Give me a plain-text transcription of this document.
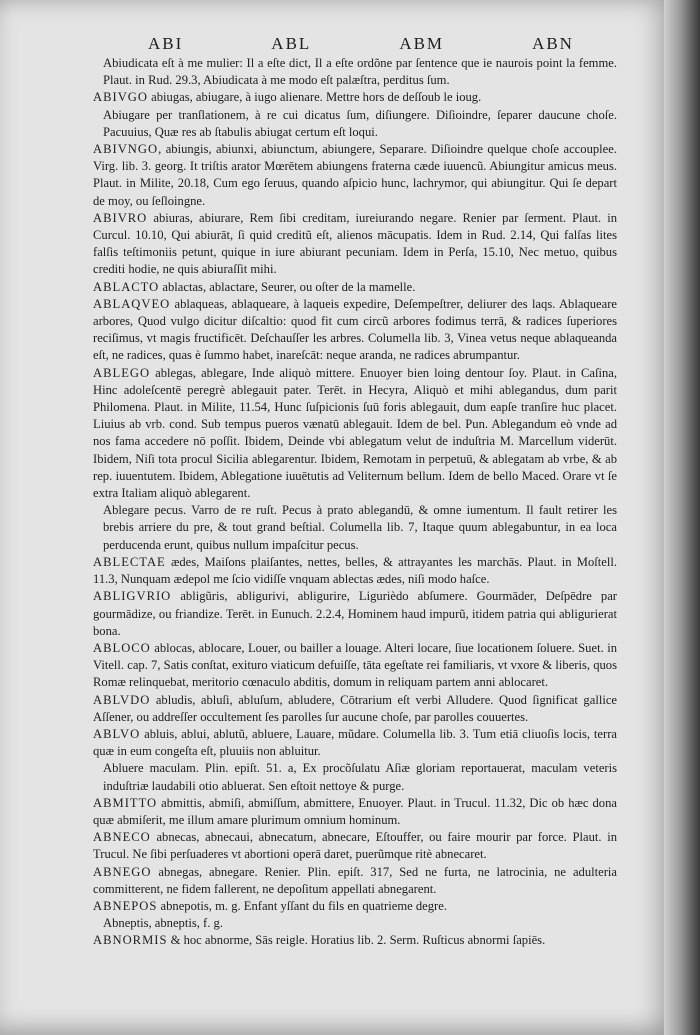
ABI	ABL	ABM	ABN

Abiudicata eſt à me mulier: Il a eſte dict, Il a eſte ordõne par ſentence que ie naurois point la femme. Plaut. in Rud. 29.3, Abiudicata à me modo eſt palæſtra, perditus ſum.

ABIVGO abiugas, abiugare, à iugo alienare. Mettre hors de deſſoub le ioug.

Abiugare per tranſlationem, à re cui dicatus ſum, diſiungere. Diſioindre, ſeparer daucune choſe. Pacuuius, Quæ res ab ſtabulis abiugat certum eſt loqui.

ABIVNGO, abiungis, abiunxi, abiunctum, abiungere, Separare. Diſioindre quelque choſe accouplee. Virg. lib. 3. georg. It triſtis arator Mœrētem abiungens fraterna cæde iuuencũ. Abiungitur amicus meus. Plaut. in Milite, 20.18, Cum ego ſeruus, quando aſpicio hunc, lachrymor, qui abiungitur. Qui ſe depart de moy, ou ſeſloingne.

ABIVRO abiuras, abiurare, Rem ſibi creditam, iureiurando negare. Renier par ſerment. Plaut. in Curcul. 10.10, Qui abiurāt, ſi quid creditũ eſt, alienos mācupatis. Idem in Rud. 2.14, Qui falſas lites falſis teſtimoniis petunt, quique in iure abiurant pecuniam. Idem in Perſa, 15.10, Nec metuo, quibus crediti hodie, ne quis abiuraſſit mihi.

ABLACTO ablactas, ablactare, Seurer, ou oſter de la mamelle.

ABLAQVEO ablaqueas, ablaqueare, à laqueis expedire, Deſempeſtrer, deliurer des laqs. Ablaqueare arbores, Quod vulgo dicitur diſcaltio: quod fit cum circũ arbores fodimus terrā, & radices ſuperiores reciſimus, vt magis fructificēt. Deſchauſſer les arbres. Columella lib. 3, Vinea vetus neque ablaqueanda eſt, ne radices, quas è ſummo habet, inareſcāt: neque aranda, ne radices abrumpantur.

ABLEGO ablegas, ablegare, Inde aliquò mittere. Enuoyer bien loing dentour ſoy. Plaut. in Caſina, Hinc adoleſcentē peregrè ablegauit pater. Terēt. in Hecyra, Aliquò et mihi ablegandus, dum parit Philomena. Plaut. in Milite, 11.54, Hunc ſuſpicionis ſuū foris ablegauit, dum eapſe tranſire huc placet. Liuius ab vrb. cond. Sub tempus pueros vænatū ablegauit. Idem de bel. Pun. Ablegandum eò vnde ad nos fama accedere nō poſſit. Ibidem, Deinde vbi ablegatum velut de induſtria M. Marcellum viderūt. Ibidem, Niſi tota procul Sicilia ablegarentur. Ibidem, Remotam in perpetuū, & ablegatam ab vrbe, & ab rep. iuuentutem. Ibidem, Ablegatione iuuētutis ad Veliternum bellum. Idem de bello Maced. Orare vt ſe extra Italiam aliquò ablegarent.

Ablegare pecus. Varro de re ruſt. Pecus à prato ablegandū, & omne iumentum. Il fault retirer les brebis arriere du pre, & tout grand beſtial. Columella lib. 7, Itaque quum ablegabuntur, in ea loca perducenda erunt, quibus nullum impaſcitur pecus.

ABLECTAE ædes, Maiſons plaiſantes, nettes, belles, & attrayantes les marchās. Plaut. in Moſtell. 11.3, Nunquam ædepol me ſcio vidiſſe vnquam ablectas ædes, niſi modo haſce.

ABLIGVRIO abligũris, abligurivi, abligurire, Ligurièdo abſumere. Gourmāder, Deſpēdre par gourmādize, ou friandize. Terēt. in Eunuch. 2.2.4, Hominem haud impurũ, itidem patria qui abligurierat bona.

ABLOCO ablocas, ablocare, Louer, ou bailler a louage. Alteri locare, ſiue locationem ſoluere. Suet. in Vitell. cap. 7, Satis conſtat, exituro viaticum defuiſſe, tāta egeſtate rei familiaris, vt vxore & liberis, quos Romæ relinquebat, meritorio cœnaculo abditis, domum in reliquam partem anni ablocaret.

ABLVDO abludis, abluſi, abluſum, abludere, Cōtrarium eſt verbi Alludere. Quod ſignificat gallice Aſſener, ou addreſſer occultement ſes parolles ſur aucune choſe, par parolles couuertes.

ABLVO abluis, ablui, ablutũ, abluere, Lauare, mũdare. Columella lib. 3. Tum etiā cliuoſis locis, terra quæ in eum congeſta eſt, pluuiis non abluitur.

Abluere maculam. Plin. epiſt. 51. a, Ex procõſulatu Aſiæ gloriam reportauerat, maculam veteris induſtriæ laudabili otio abluerat. Sen eſtoit nettoye & purge.

ABMITTO abmittis, abmiſi, abmiſſum, abmittere, Enuoyer. Plaut. in Trucul. 11.32, Dic ob hæc dona quæ abmiſerit, me illum amare plurimum omnium hominum.

ABNECO abnecas, abnecaui, abnecatum, abnecare, Eſtouffer, ou faire mourir par force. Plaut. in Trucul. Ne ſibi perſuaderes vt abortioni operā daret, puerũmque ritè abnecaret.

ABNEGO abnegas, abnegare. Renier. Plin. epiſt. 317, Sed ne furta, ne latrocinia, ne adulteria committerent, ne fidem fallerent, ne depoſitum appellati abnegarent.

ABNEPOS abnepotis, m. g. Enfant yſſant du fils en quatrieme degre.

Abneptis, abneptis, f. g.

ABNORMIS & hoc abnorme, Sās reigle. Horatius lib. 2. Serm. Ruſticus abnormi ſapiēs.
